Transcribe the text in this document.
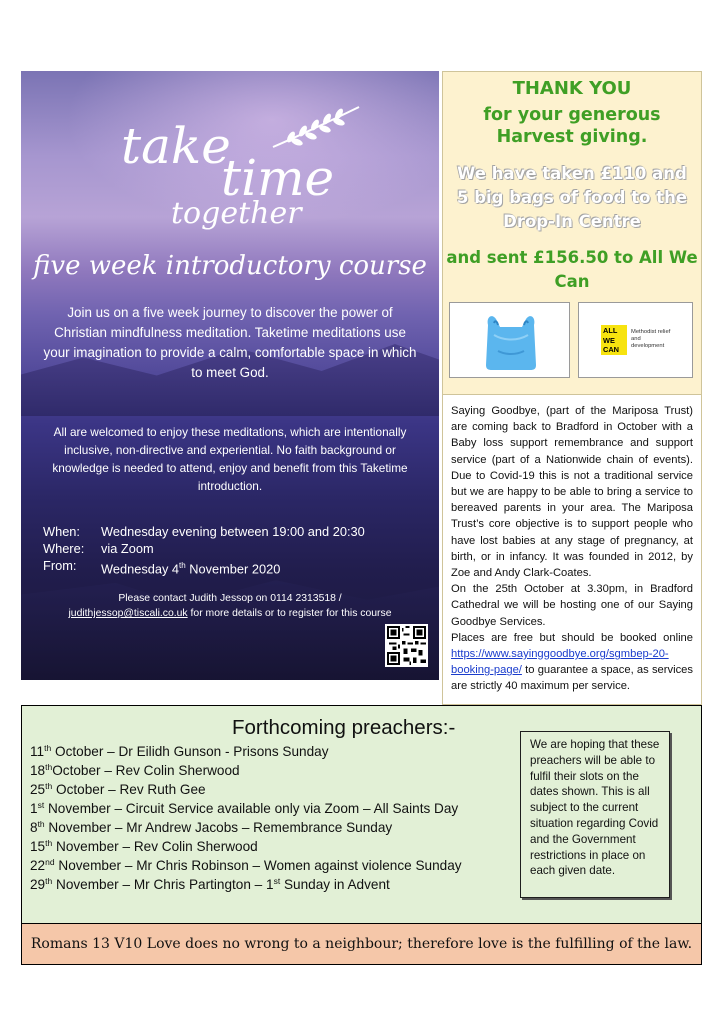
take
time
together
five week introductory course
Join us on a five week journey to discover the power of Christian mindfulness meditation. Taketime meditations use your imagination to provide a calm, comfortable space in which to meet God.
All are welcomed to enjoy these meditations, which are intentionally inclusive, non-directive and experiential. No faith background or knowledge is needed to attend, enjoy and benefit from this Taketime introduction.
When:	Wednesday evening between 19:00 and 20:30
Where:	via Zoom
From:	Wednesday 4th November 2020
Please contact Judith Jessop on 0114 2313518 /
judithjessop@tiscali.co.uk for more details or to register for this course
THANK YOU
for your generous Harvest giving.
We have taken £110 and 5 big bags of food to the Drop-In Centre
and sent £156.50 to All We Can
ALL
WE
CAN
Methodist relief and development

Saying Goodbye, (part of the Mariposa Trust) are coming back to Bradford in October with a Baby loss support remembrance and support service (part of a Nationwide chain of events). Due to Covid-19 this is not a traditional service but we are happy to be able to bring a service to bereaved parents in your area. The Mariposa Trust’s core objective is to support people who have lost babies at any stage of pregnancy, at birth, or in infancy. It was founded in 2012, by Zoe and Andy Clark-Coates.

On the 25th October at 3.30pm, in Bradford Cathedral we will be hosting one of our Saying Goodbye Services.

Places are free but should be booked online https://www.sayinggoodbye.org/sgmbep-20-booking-page/ to guarantee a space, as services are strictly 40 maximum per service.

Forthcoming preachers:-
11th October – Dr Eilidh Gunson - Prisons Sunday
18thOctober – Rev Colin Sherwood
25th October – Rev Ruth Gee
1st November – Circuit Service available only via Zoom – All Saints Day
8th November – Mr Andrew Jacobs – Remembrance Sunday
15th November – Rev Colin Sherwood
22nd November – Mr Chris Robinson – Women against violence Sunday
29th November – Mr Chris Partington – 1st Sunday in Advent
We are hoping that these preachers will be able to fulfil their slots on the dates shown. This is all subject to the current situation regarding Covid and the Government restrictions in place on each given date.
Romans 13 V10 Love does no wrong to a neighbour; therefore love is the fulfilling of the law.
